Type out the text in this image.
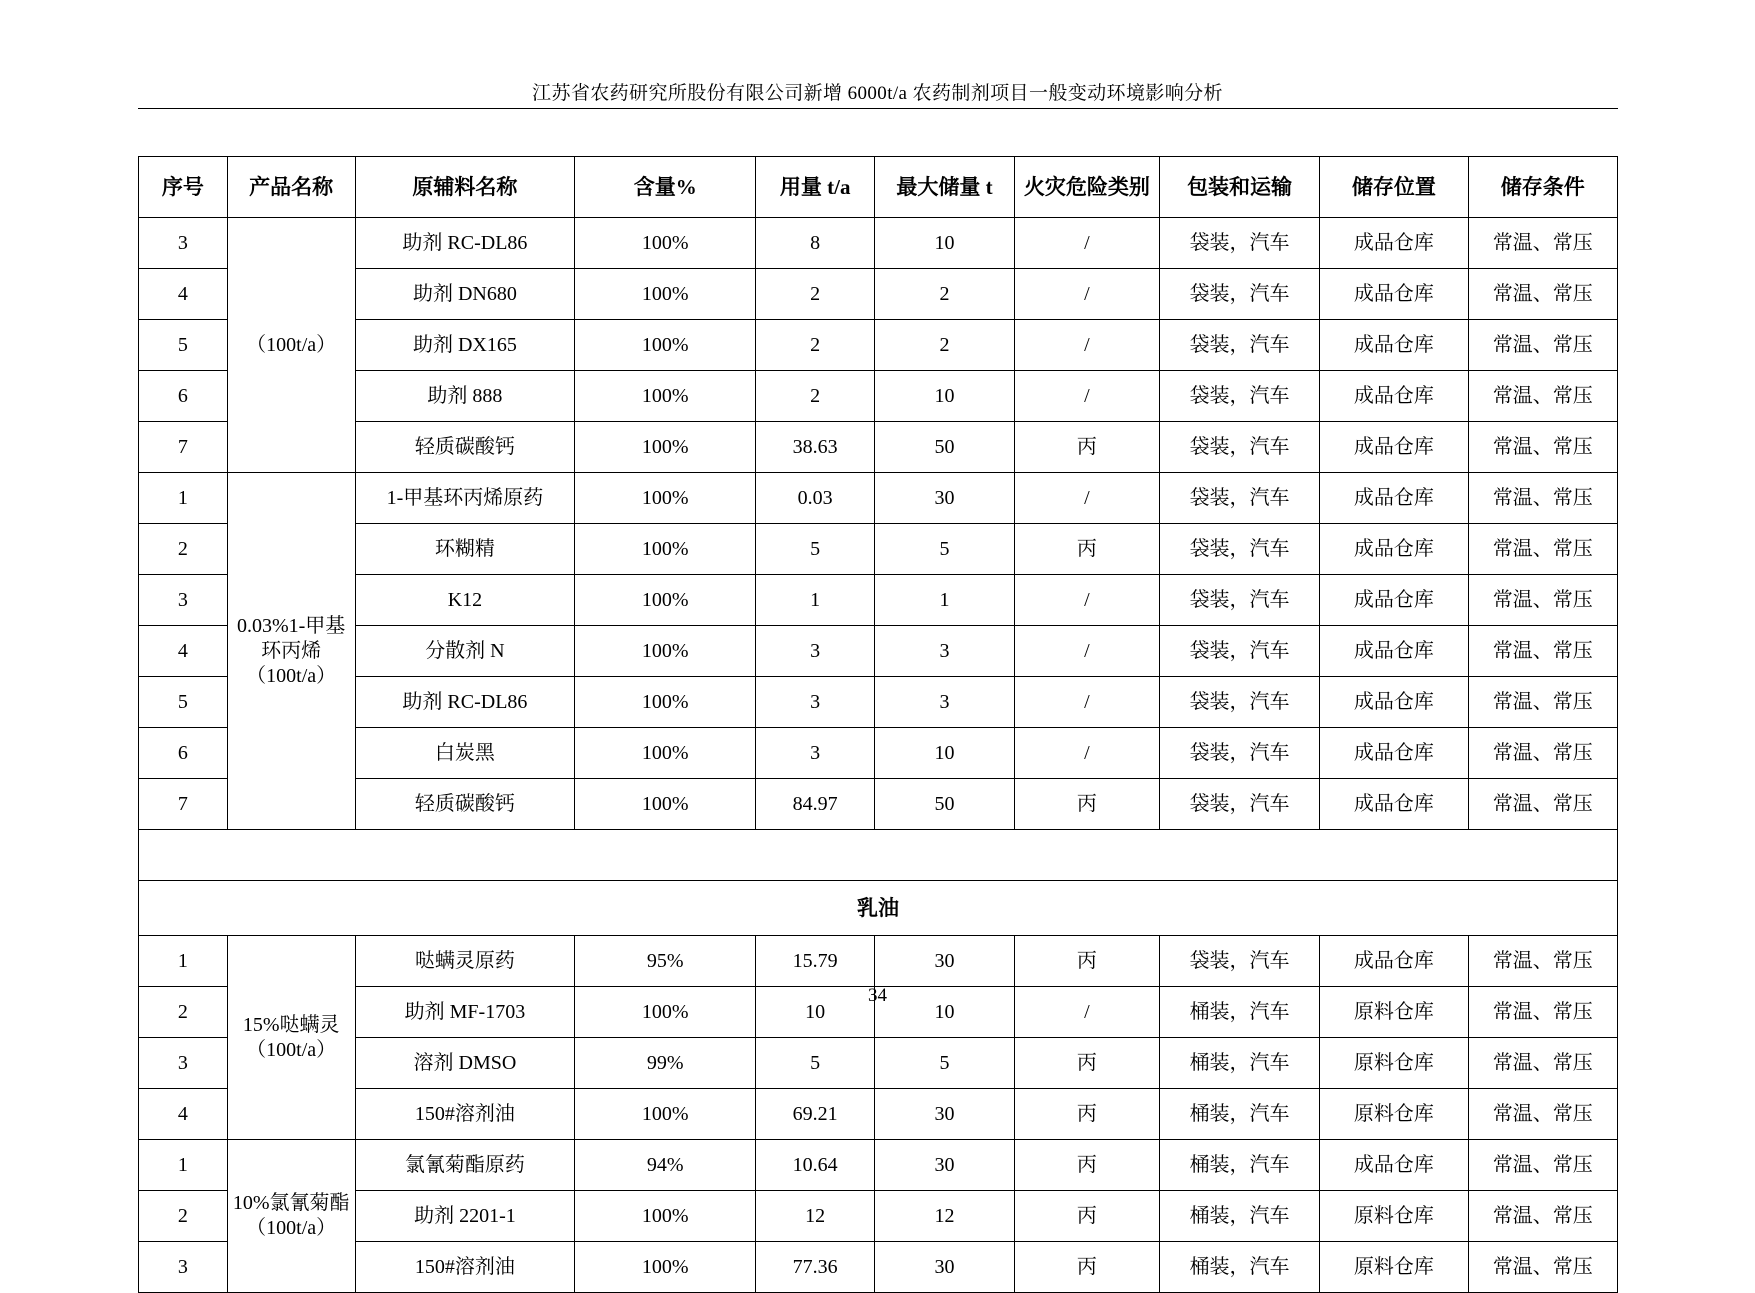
江苏省农药研究所股份有限公司新增 6000t/a 农药制剂项目一般变动环境影响分析
序号	产品名称	原辅料名称	含量%	用量 t/a	最大储量 t	火灾危险类别	包装和运输	储存位置	储存条件
3	（100t/a）	助剂 RC-DL86	100%	8	10	/	袋装，汽车	成品仓库	常温、常压
4		助剂 DN680	100%	2	2	/	袋装，汽车	成品仓库	常温、常压
5		助剂 DX165	100%	2	2	/	袋装，汽车	成品仓库	常温、常压
6		助剂 888	100%	2	10	/	袋装，汽车	成品仓库	常温、常压
7		轻质碳酸钙	100%	38.63	50	丙	袋装，汽车	成品仓库	常温、常压
1	0.03%1-甲基环丙烯（100t/a）	1-甲基环丙烯原药	100%	0.03	30	/	袋装，汽车	成品仓库	常温、常压
2		环糊精	100%	5	5	丙	袋装，汽车	成品仓库	常温、常压
3		K12	100%	1	1	/	袋装，汽车	成品仓库	常温、常压
4		分散剂 N	100%	3	3	/	袋装，汽车	成品仓库	常温、常压
5		助剂 RC-DL86	100%	3	3	/	袋装，汽车	成品仓库	常温、常压
6		白炭黑	100%	3	10	/	袋装，汽车	成品仓库	常温、常压
7		轻质碳酸钙	100%	84.97	50	丙	袋装，汽车	成品仓库	常温、常压

乳油									
1	15%哒螨灵（100t/a）	哒螨灵原药	95%	15.79	30	丙	袋装，汽车	成品仓库	常温、常压
2		助剂 MF-1703	100%	10	10	/	桶装，汽车	原料仓库	常温、常压
3		溶剂 DMSO	99%	5	5	丙	桶装，汽车	原料仓库	常温、常压
4		150#溶剂油	100%	69.21	30	丙	桶装，汽车	原料仓库	常温、常压
1	10%氯氰菊酯（100t/a）	氯氰菊酯原药	94%	10.64	30	丙	桶装，汽车	成品仓库	常温、常压
2		助剂 2201-1	100%	12	12	丙	桶装，汽车	原料仓库	常温、常压
3		150#溶剂油	100%	77.36	30	丙	桶装，汽车	原料仓库	常温、常压
34
